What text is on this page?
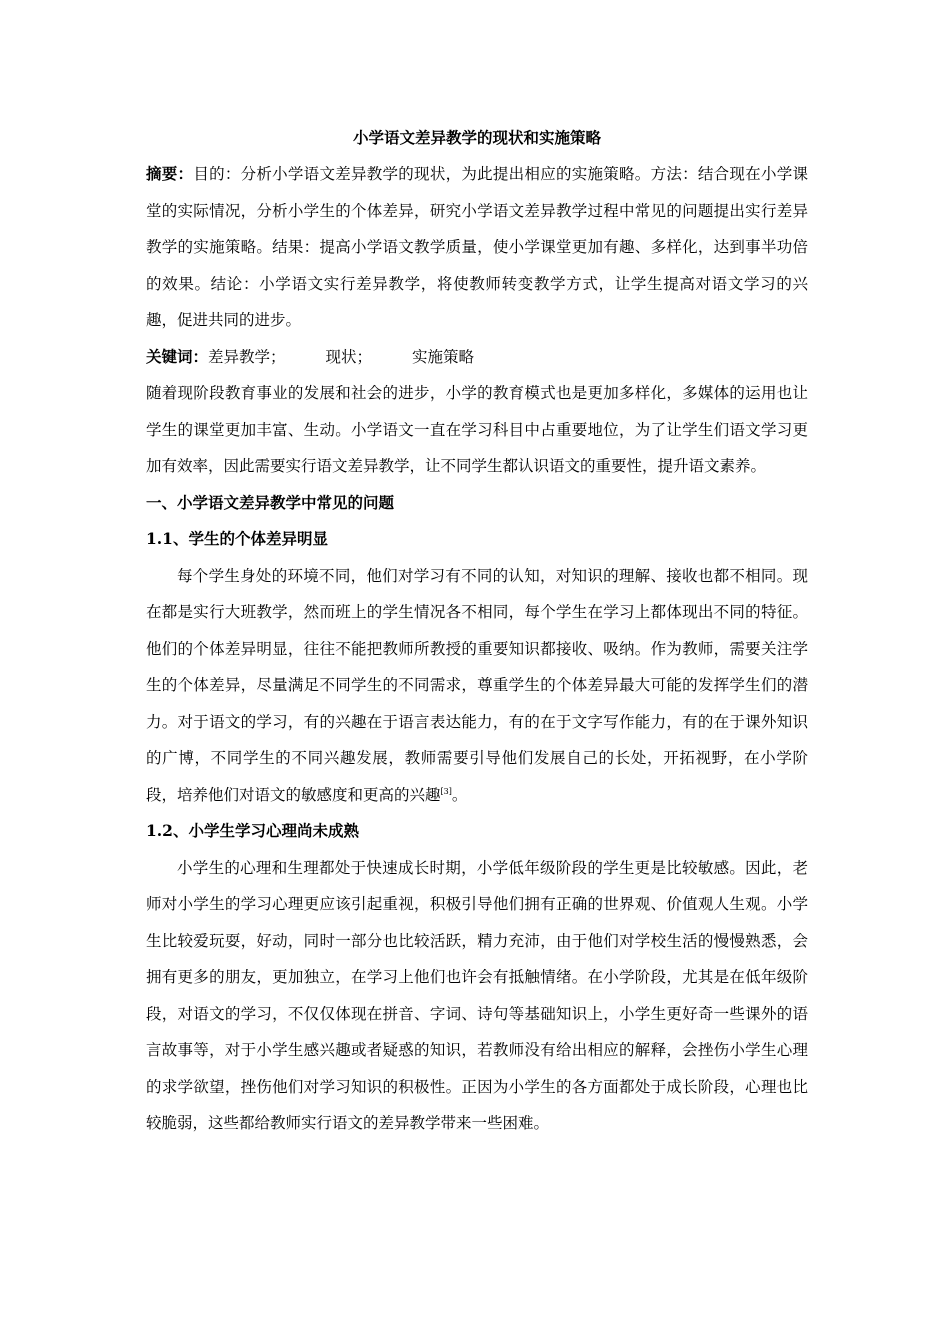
小学语文差异教学的现状和实施策略

摘要：目的：分析小学语文差异教学的现状，为此提出相应的实施策略。方法：结合现在小学课堂的实际情况，分析小学生的个体差异，研究小学语文差异教学过程中常见的问题提出实行差异教学的实施策略。结果：提高小学语文教学质量，使小学课堂更加有趣、多样化，达到事半功倍的效果。结论：小学语文实行差异教学，将使教师转变教学方式，让学生提高对语文学习的兴趣，促进共同的进步。

关键词：差异教学；	现状；	实施策略

随着现阶段教育事业的发展和社会的进步，小学的教育模式也是更加多样化，多媒体的运用也让学生的课堂更加丰富、生动。小学语文一直在学习科目中占重要地位，为了让学生们语文学习更加有效率，因此需要实行语文差异教学，让不同学生都认识语文的重要性，提升语文素养。

一、小学语文差异教学中常见的问题

1.1、学生的个体差异明显

每个学生身处的环境不同，他们对学习有不同的认知，对知识的理解、接收也都不相同。现在都是实行大班教学，然而班上的学生情况各不相同，每个学生在学习上都体现出不同的特征。他们的个体差异明显，往往不能把教师所教授的重要知识都接收、吸纳。作为教师，需要关注学生的个体差异，尽量满足不同学生的不同需求，尊重学生的个体差异最大可能的发挥学生们的潜力。对于语文的学习，有的兴趣在于语言表达能力，有的在于文字写作能力，有的在于课外知识的广博，不同学生的不同兴趣发展，教师需要引导他们发展自己的长处，开拓视野，在小学阶段，培养他们对语文的敏感度和更高的兴趣[3]。

1.2、小学生学习心理尚未成熟

小学生的心理和生理都处于快速成长时期，小学低年级阶段的学生更是比较敏感。因此，老师对小学生的学习心理更应该引起重视，积极引导他们拥有正确的世界观、价值观人生观。小学生比较爱玩耍，好动，同时一部分也比较活跃，精力充沛，由于他们对学校生活的慢慢熟悉，会拥有更多的朋友，更加独立，在学习上他们也许会有抵触情绪。在小学阶段，尤其是在低年级阶段，对语文的学习，不仅仅体现在拼音、字词、诗句等基础知识上，小学生更好奇一些课外的语言故事等，对于小学生感兴趣或者疑惑的知识，若教师没有给出相应的解释，会挫伤小学生心理的求学欲望，挫伤他们对学习知识的积极性。正因为小学生的各方面都处于成长阶段，心理也比较脆弱，这些都给教师实行语文的差异教学带来一些困难。
